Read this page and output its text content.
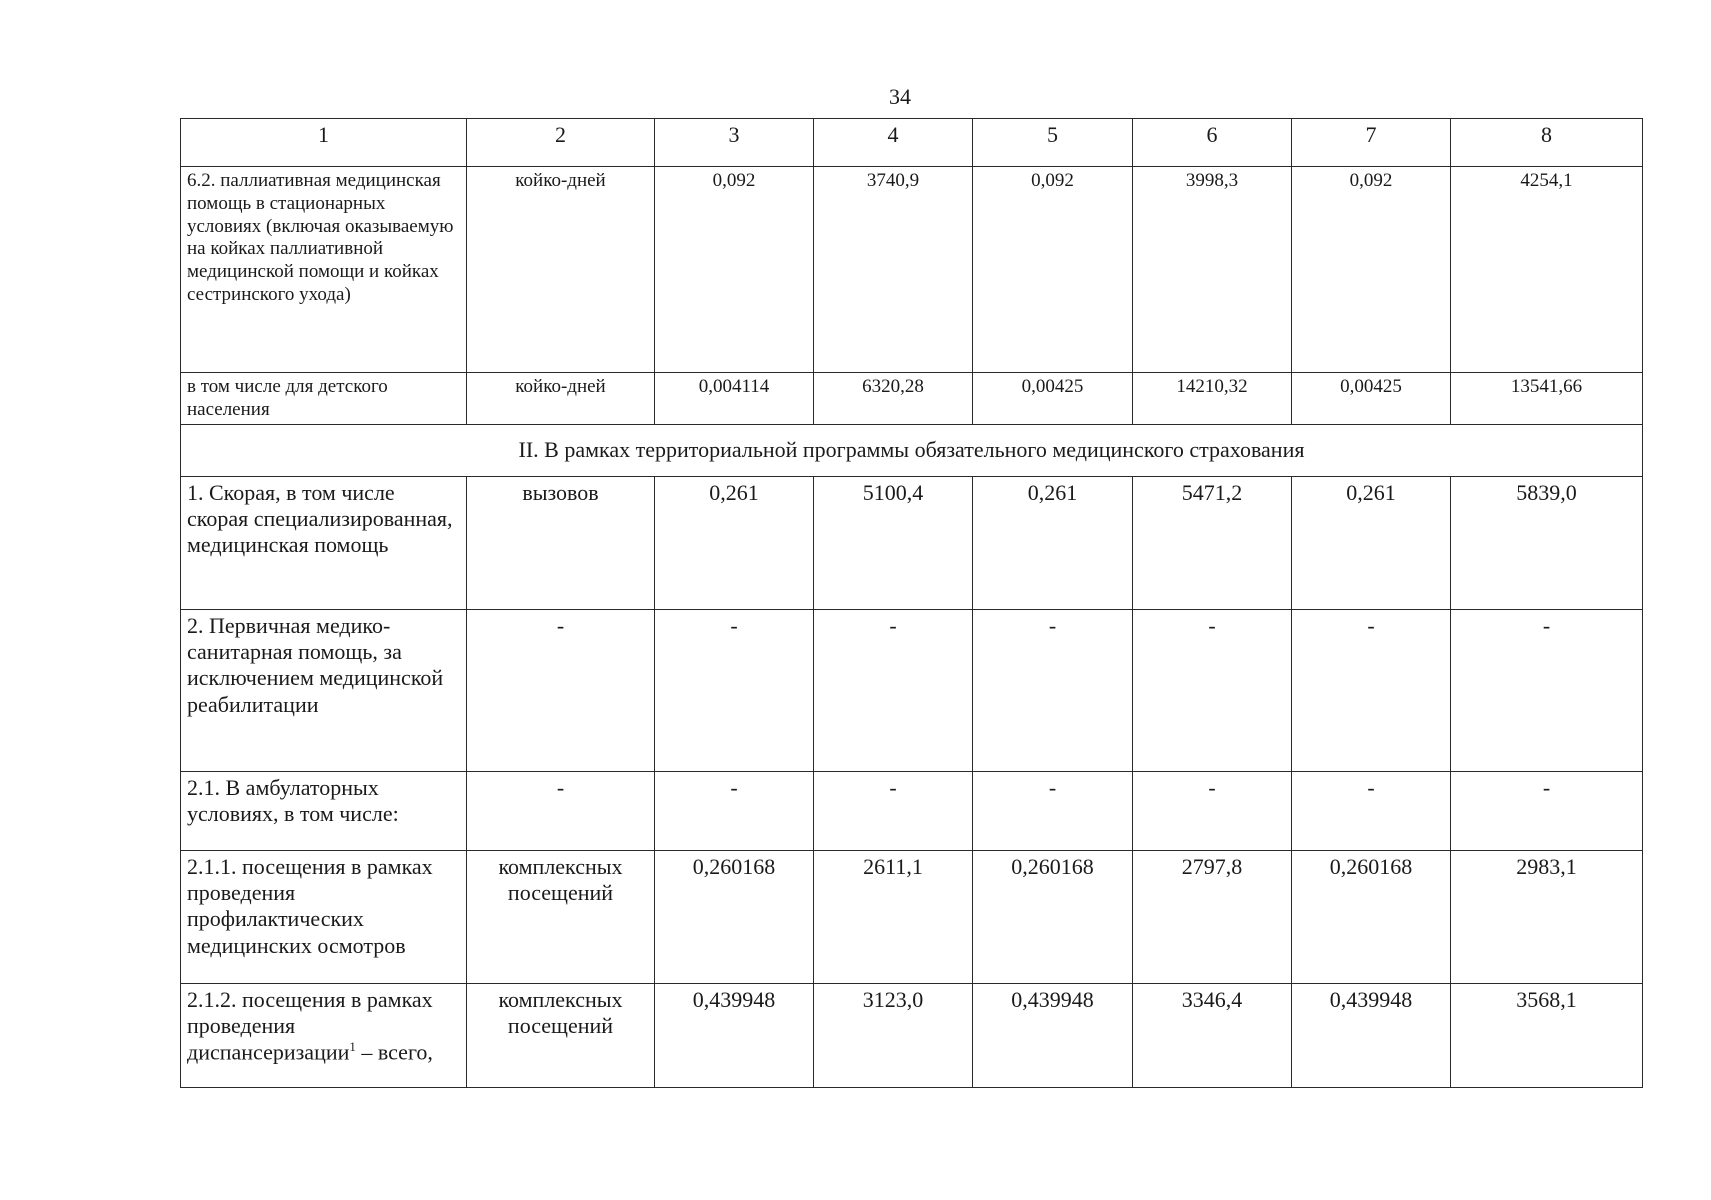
34
1	2	3	4	5	6	7	8
6.2. паллиативная медицинская помощь в стационарных условиях (включая оказываемую на койках паллиативной медицинской помощи и койках сестринского ухода)	койко-дней	0,092	3740,9	0,092	3998,3	0,092	4254,1
в том числе для детского населения	койко-дней	0,004114	6320,28	0,00425	14210,32	0,00425	13541,66
II. В рамках территориальной программы обязательного медицинского страхования							
1. Скорая, в том числе скорая специализированная, медицинская помощь	вызовов	0,261	5100,4	0,261	5471,2	0,261	5839,0
2. Первичная медико-санитарная помощь, за исключением медицинской реабилитации	-	-	-	-	-	-	-
2.1. В амбулаторных условиях, в том числе:	-	-	-	-	-	-	-
2.1.1. посещения в рамках проведения профилактических медицинских осмотров	комплексных посещений	0,260168	2611,1	0,260168	2797,8	0,260168	2983,1
2.1.2. посещения в рамках проведения диспансеризации$^1$ – всего,	комплексных посещений	0,439948	3123,0	0,439948	3346,4	0,439948	3568,1
